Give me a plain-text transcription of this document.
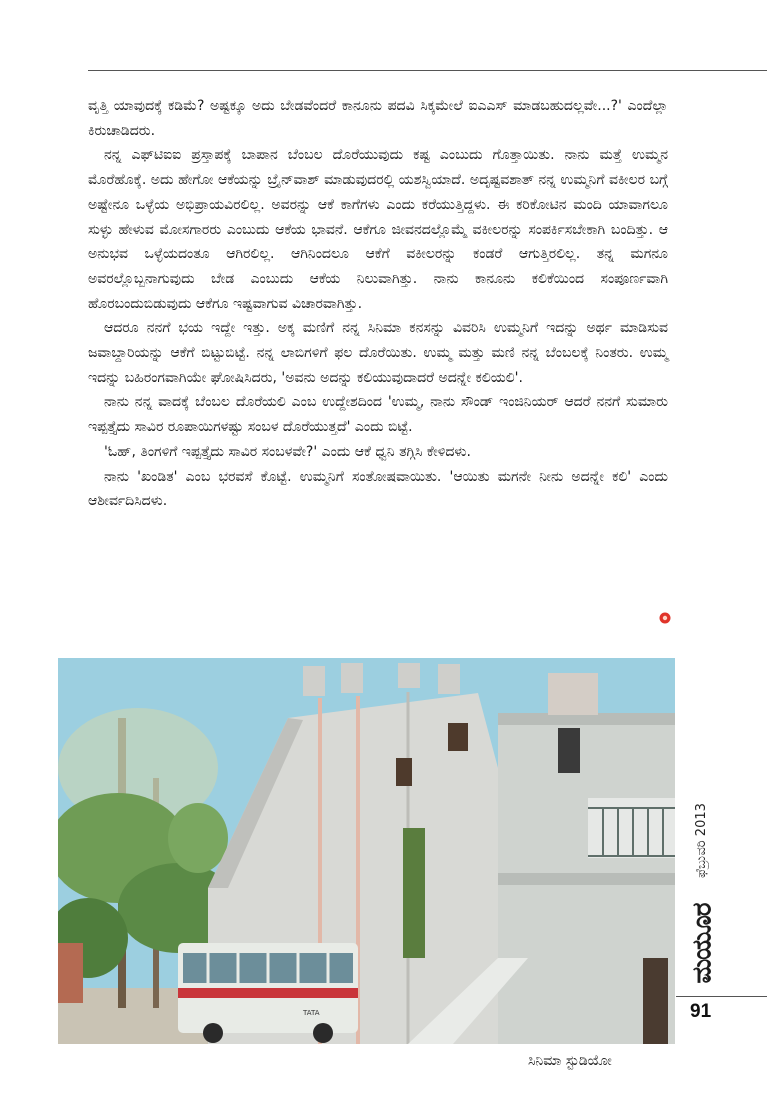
ವೃತ್ತಿ ಯಾವುದಕ್ಕೆ ಕಡಿಮೆ? ಅಷ್ಟಕ್ಕೂ ಅದು ಬೇಡವೆಂದರೆ ಕಾನೂನು ಪದವಿ ಸಿಕ್ಕಮೇಲೆ ಐಎಎಸ್ ಮಾಡಬಹುದಲ್ಲವೇ...?' ಎಂದೆಲ್ಲಾ ಕಿರುಚಾಡಿದರು.

ನನ್ನ ಎಫ್‌ಟಿಐಐ ಪ್ರಸ್ತಾಪಕ್ಕೆ ಬಾಪಾನ ಬೆಂಬಲ ದೊರೆಯುವುದು ಕಷ್ಟ ಎಂಬುದು ಗೊತ್ತಾಯಿತು. ನಾನು ಮತ್ತೆ ಉಮ್ಮನ ಮೊರೆಹೊಕ್ಕೆ. ಅದು ಹೇಗೋ ಆಕೆಯನ್ನು ಬ್ರೈನ್‌ವಾಶ್ ಮಾಡುವುದರಲ್ಲಿ ಯಶಸ್ವಿಯಾದೆ. ಅದೃಷ್ಟವಶಾತ್ ನನ್ನ ಉಮ್ಮನಿಗೆ ವಕೀಲರ ಬಗ್ಗೆ ಅಷ್ಟೇನೂ ಒಳ್ಳೆಯ ಅಭಿಪ್ರಾಯವಿರಲಿಲ್ಲ. ಅವರನ್ನು ಆಕೆ ಕಾಗೆಗಳು ಎಂದು ಕರೆಯುತ್ತಿದ್ದಳು. ಈ ಕರಿಕೋಟಿನ ಮಂದಿ ಯಾವಾಗಲೂ ಸುಳ್ಳು ಹೇಳುವ ಮೋಸಗಾರರು ಎಂಬುದು ಆಕೆಯ ಭಾವನೆ. ಆಕೆಗೂ ಜೀವನದಲ್ಲೊಮ್ಮೆ ವಕೀಲರನ್ನು ಸಂಪರ್ಕಿಸಬೇಕಾಗಿ ಬಂದಿತ್ತು. ಆ ಅನುಭವ ಒಳ್ಳೆಯದಂತೂ ಆಗಿರಲಿಲ್ಲ. ಆಗಿನಿಂದಲೂ ಆಕೆಗೆ ವಕೀಲರನ್ನು ಕಂಡರೆ ಆಗುತ್ತಿರಲಿಲ್ಲ. ತನ್ನ ಮಗನೂ ಅವರಲ್ಲೊಬ್ಬನಾಗುವುದು ಬೇಡ ಎಂಬುದು ಆಕೆಯ ನಿಲುವಾಗಿತ್ತು. ನಾನು ಕಾನೂನು ಕಲಿಕೆಯಿಂದ ಸಂಪೂರ್ಣವಾಗಿ ಹೊರಬಂದುಬಿಡುವುದು ಆಕೆಗೂ ಇಷ್ಟವಾಗುವ ವಿಚಾರವಾಗಿತ್ತು.

ಆದರೂ ನನಗೆ ಭಯ ಇದ್ದೇ ಇತ್ತು. ಅಕ್ಕ ಮಣಿಗೆ ನನ್ನ ಸಿನಿಮಾ ಕನಸನ್ನು ವಿವರಿಸಿ ಉಮ್ಮನಿಗೆ ಇದನ್ನು ಅರ್ಥ ಮಾಡಿಸುವ ಜವಾಬ್ದಾರಿಯನ್ನು ಆಕೆಗೆ ಬಿಟ್ಟುಬಿಟ್ಟೆ. ನನ್ನ ಲಾಬಿಗಳಿಗೆ ಫಲ ದೊರೆಯಿತು. ಉಮ್ಮ ಮತ್ತು ಮಣಿ ನನ್ನ ಬೆಂಬಲಕ್ಕೆ ನಿಂತರು. ಉಮ್ಮ ಇದನ್ನು ಬಹಿರಂಗವಾಗಿಯೇ ಘೋಷಿಸಿದರು, 'ಅವನು ಅದನ್ನು ಕಲಿಯುವುದಾದರೆ ಅದನ್ನೇ ಕಲಿಯಲಿ'.

ನಾನು ನನ್ನ ವಾದಕ್ಕೆ ಬೆಂಬಲ ದೊರೆಯಲಿ ಎಂಬ ಉದ್ದೇಶದಿಂದ 'ಉಮ್ಮ, ನಾನು ಸೌಂಡ್ ಇಂಜಿನಿಯರ್ ಆದರೆ ನನಗೆ ಸುಮಾರು ಇಪ್ಪತ್ತೈದು ಸಾವಿರ ರೂಪಾಯಿಗಳಷ್ಟು ಸಂಬಳ ದೊರೆಯುತ್ತದೆ' ಎಂದು ಬಿಟ್ಟೆ.

'ಓಹ್, ತಿಂಗಳಿಗೆ ಇಪ್ಪತ್ತೈದು ಸಾವಿರ ಸಂಬಳವೇ?' ಎಂದು ಆಕೆ ಧ್ವನಿ ತಗ್ಗಿಸಿ ಕೇಳಿದಳು.

ನಾನು 'ಖಂಡಿತ' ಎಂಬ ಭರವಸೆ ಕೊಟ್ಟೆ. ಉಮ್ಮನಿಗೆ ಸಂತೋಷವಾಯಿತು. 'ಆಯಿತು ಮಗನೇ ನೀನು ಅದನ್ನೇ ಕಲಿ' ಎಂದು ಆಶೀರ್ವದಿಸಿದಳು.

TATA
ಸಿನಿಮಾ ಸ್ಟುಡಿಯೋ
ಫೆಬ್ರುವರಿ 2013
ಮಯೂರ
91
